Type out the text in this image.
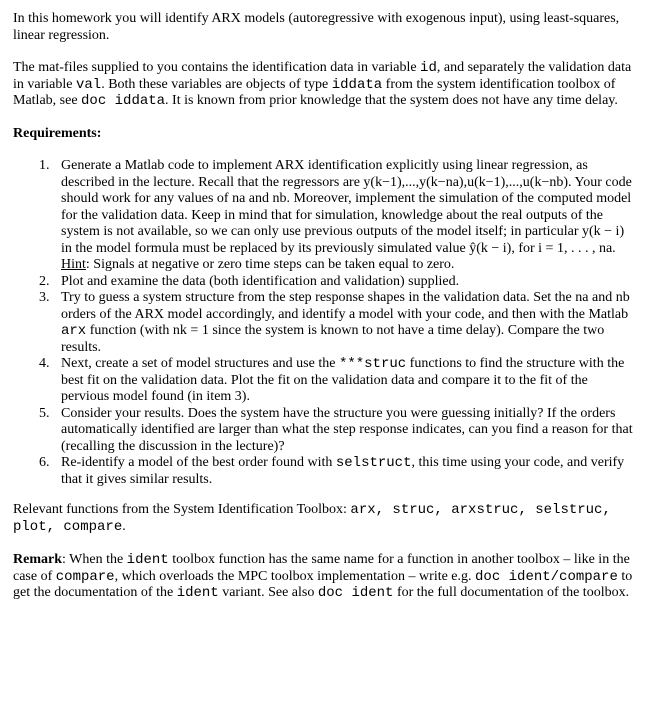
In this homework you will identify ARX models (autoregressive with exogenous input), using least-squares, linear regression.

The mat-files supplied to you contains the identification data in variable id, and separately the validation data in variable val. Both these variables are objects of type iddata from the system identification toolbox of Matlab, see doc iddata. It is known from prior knowledge that the system does not have any time delay.

Requirements:

1. Generate a Matlab code to implement ARX identification explicitly using linear regression, as described in the lecture. Recall that the regressors are y(k−1),...,y(k−na),u(k−1),...,u(k−nb). Your code should work for any values of na and nb. Moreover, implement the simulation of the computed model for the validation data. Keep in mind that for simulation, knowledge about the real outputs of the system is not available, so we can only use previous outputs of the model itself; in particular y(k − i) in the model formula must be replaced by its previously simulated value ŷ(k − i), for i = 1, . . . , na.
Hint: Signals at negative or zero time steps can be taken equal to zero.
2. Plot and examine the data (both identification and validation) supplied.
3. Try to guess a system structure from the step response shapes in the validation data. Set the na and nb orders of the ARX model accordingly, and identify a model with your code, and then with the Matlab arx function (with nk = 1 since the system is known to not have a time delay). Compare the two results.
4. Next, create a set of model structures and use the ***struc functions to find the structure with the best fit on the validation data. Plot the fit on the validation data and compare it to the fit of the pervious model found (in item 3).
5. Consider your results. Does the system have the structure you were guessing initially? If the orders automatically identified are larger than what the step response indicates, can you find a reason for that (recalling the discussion in the lecture)?
6. Re-identify a model of the best order found with selstruct, this time using your code, and verify that it gives similar results.

Relevant functions from the System Identification Toolbox: arx, struc, arxstruc, selstruc, plot, compare.

Remark: When the ident toolbox function has the same name for a function in another toolbox – like in the case of compare, which overloads the MPC toolbox implementation – write e.g. doc ident/compare to get the documentation of the ident variant. See also doc ident for the full documentation of the toolbox.
